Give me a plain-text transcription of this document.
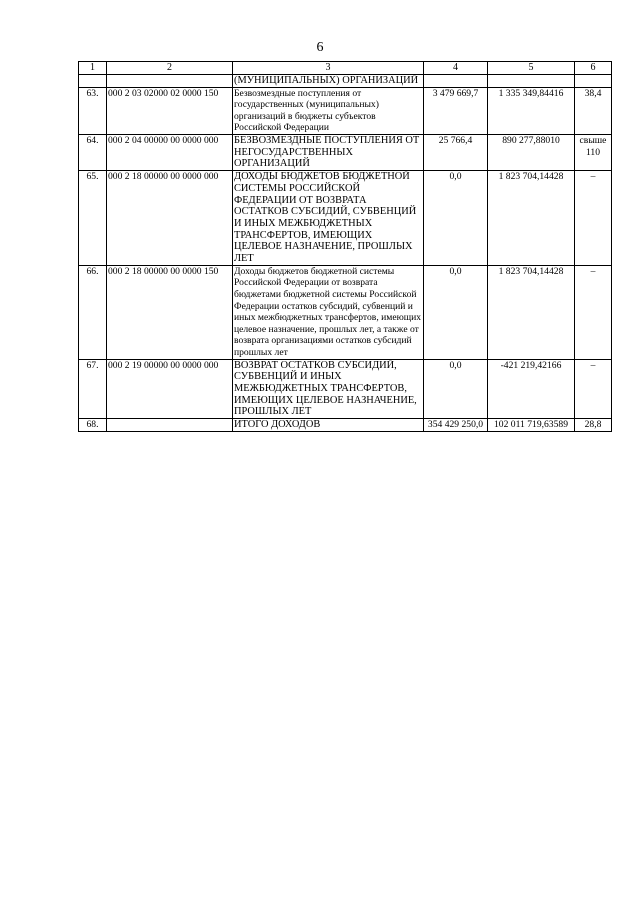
6
1	2	3	4	5	6
		(МУНИЦИПАЛЬНЫХ) ОРГАНИЗАЦИЙ			
63.	000 2 03 02000 02 0000 150	Безвозмездные поступления от государственных (муниципальных) организаций в бюджеты субъектов Российской Федерации	3 479 669,7	1 335 349,84416	38,4
64.	000 2 04 00000 00 0000 000	БЕЗВОЗМЕЗДНЫЕ ПОСТУПЛЕНИЯ ОТ НЕГОСУДАРСТВЕННЫХ ОРГАНИЗАЦИЙ	25 766,4	890 277,88010	свыше 110
65.	000 2 18 00000 00 0000 000	ДОХОДЫ БЮДЖЕТОВ БЮДЖЕТНОЙ СИСТЕМЫ РОССИЙСКОЙ ФЕДЕРАЦИИ ОТ ВОЗВРАТА ОСТАТКОВ СУБСИДИЙ, СУБВЕНЦИЙ И ИНЫХ МЕЖБЮДЖЕТНЫХ ТРАНСФЕРТОВ, ИМЕЮЩИХ ЦЕЛЕВОЕ НАЗНАЧЕНИЕ, ПРОШЛЫХ ЛЕТ	0,0	1 823 704,14428	–
66.	000 2 18 00000 00 0000 150	Доходы бюджетов бюджетной системы Российской Федерации от возврата бюджетами бюджетной системы Российской Федерации остатков субсидий, субвенций и иных межбюджетных трансфертов, имеющих целевое назначение, прошлых лет, а также от возврата организациями остатков субсидий прошлых лет	0,0	1 823 704,14428	–
67.	000 2 19 00000 00 0000 000	ВОЗВРАТ ОСТАТКОВ СУБСИДИЙ, СУБВЕНЦИЙ И ИНЫХ МЕЖБЮДЖЕТНЫХ ТРАНСФЕРТОВ, ИМЕЮЩИХ ЦЕЛЕВОЕ НАЗНАЧЕНИЕ, ПРОШЛЫХ ЛЕТ	0,0	-421 219,42166	–
68.		ИТОГО ДОХОДОВ	354 429 250,0	102 011 719,63589	28,8
